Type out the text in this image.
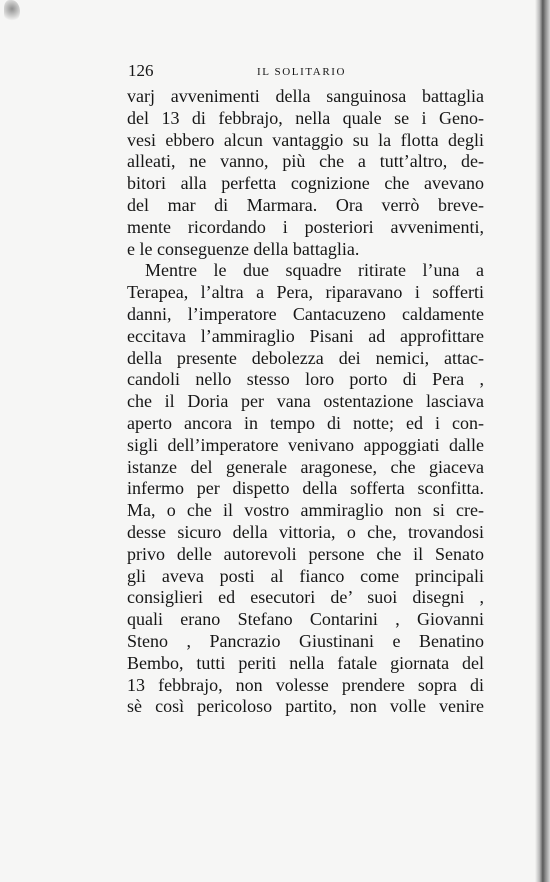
126	IL SOLITARIO
varj avvenimenti della sanguinosa battaglia
del 13 di febbrajo, nella quale se i Geno-
vesi ebbero alcun vantaggio su la flotta degli
alleati, ne vanno, più che a tutt’altro, de-
bitori alla perfetta cognizione che avevano
del mar di Marmara. Ora verrò breve-
mente ricordando i posteriori avvenimenti,
e le conseguenze della battaglia.
Mentre le due squadre ritirate l’una a
Terapea, l’altra a Pera, riparavano i sofferti
danni, l’imperatore Cantacuzeno caldamente
eccitava l’ammiraglio Pisani ad approfittare
della presente debolezza dei nemici, attac-
candoli nello stesso loro porto di Pera ,
che il Doria per vana ostentazione lasciava
aperto ancora in tempo di notte; ed i con-
sigli dell’imperatore venivano appoggiati dalle
istanze del generale aragonese, che giaceva
infermo per dispetto della sofferta sconfitta.
Ma, o che il vostro ammiraglio non si cre-
desse sicuro della vittoria, o che, trovandosi
privo delle autorevoli persone che il Senato
gli aveva posti al fianco come principali
consiglieri ed esecutori de’ suoi disegni ,
quali erano Stefano Contarini , Giovanni
Steno , Pancrazio Giustinani e Benatino
Bembo, tutti periti nella fatale giornata del
13 febbrajo, non volesse prendere sopra di
sè così pericoloso partito, non volle venire
